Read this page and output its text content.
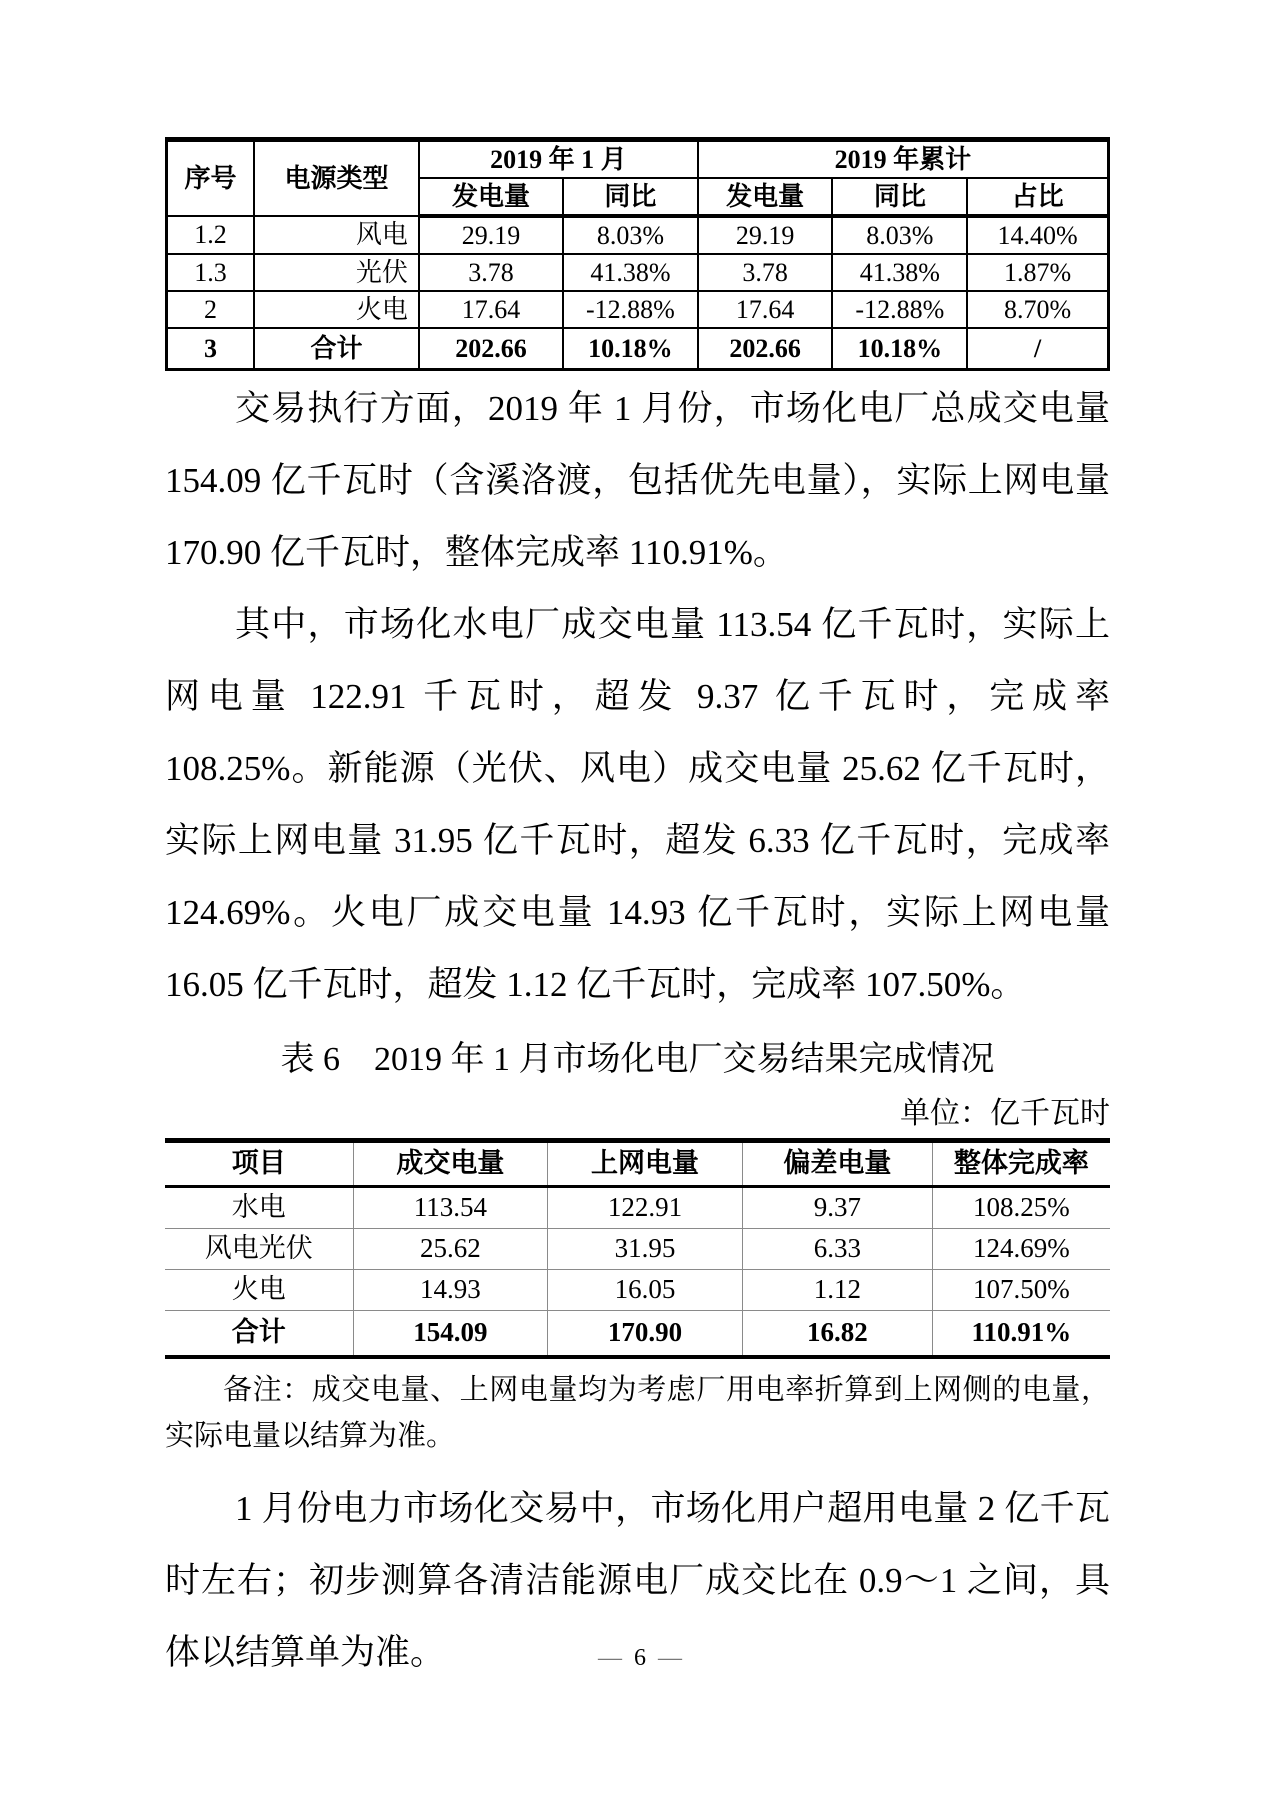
序号	电源类型	2019 年 1 月		2019 年累计		
		发电量	同比	发电量	同比	占比
1.2	风电	29.19	8.03%	29.19	8.03%	14.40%
1.3	光伏	3.78	41.38%	3.78	41.38%	1.87%
2	火电	17.64	-12.88%	17.64	-12.88%	8.70%
3	合计	202.66	10.18%	202.66	10.18%	/

交易执行方面，2019 年 1 月份，市场化电厂总成交电量 154.09 亿千瓦时（含溪洛渡，包括优先电量），实际上网电量 170.90 亿千瓦时，整体完成率 110.91%。

其中，市场化水电厂成交电量 113.54 亿千瓦时，实际上网电量 122.91 千瓦时，超发 9.37 亿千瓦时，完成率 108.25%。新能源（光伏、风电）成交电量 25.62 亿千瓦时，实际上网电量 31.95 亿千瓦时，超发 6.33 亿千瓦时，完成率 124.69%。火电厂成交电量 14.93 亿千瓦时，实际上网电量 16.05 亿千瓦时，超发 1.12 亿千瓦时，完成率 107.50%。

表 6　2019 年 1 月市场化电厂交易结果完成情况
单位：亿千瓦时
项目	成交电量	上网电量	偏差电量	整体完成率
水电	113.54	122.91	9.37	108.25%
风电光伏	25.62	31.95	6.33	124.69%
火电	14.93	16.05	1.12	107.50%
合计	154.09	170.90	16.82	110.91%
备注：成交电量、上网电量均为考虑厂用电率折算到上网侧的电量，实际电量以结算为准。

1 月份电力市场化交易中，市场化用户超用电量 2 亿千瓦时左右；初步测算各清洁能源电厂成交比在 0.9～1 之间，具体以结算单为准。	— 6 —
